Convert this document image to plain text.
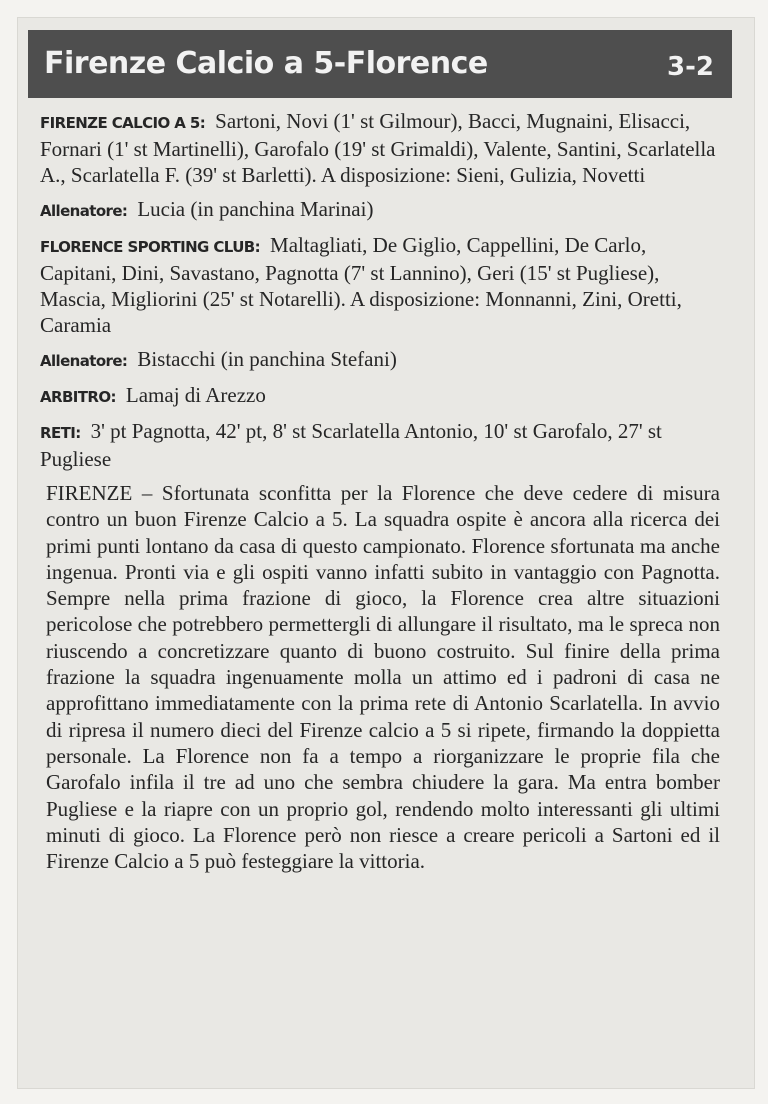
Firenze Calcio a 5-Florence	3-2
FIRENZE CALCIO A 5: Sartoni, Novi (1' st Gilmour), Bacci, Mugnaini, Elisacci, Fornari (1' st Martinelli), Garofalo (19' st Grimaldi), Valente, Santini, Scarlatella A., Scarlatella F. (39' st Barletti). A disposizione: Sieni, Gulizia, Novetti
Allenatore: Lucia (in panchina Marinai)
FLORENCE SPORTING CLUB: Maltagliati, De Giglio, Cappellini, De Carlo, Capitani, Dini, Savastano, Pagnotta (7' st Lannino), Geri (15' st Pugliese), Mascia, Migliorini (25' st Notarelli). A disposizione: Monnanni, Zini, Oretti, Caramia
Allenatore: Bistacchi (in panchina Stefani)
ARBITRO: Lamaj di Arezzo
RETI: 3' pt Pagnotta, 42' pt, 8' st Scarlatella Antonio, 10' st Garofalo, 27' st Pugliese
FIRENZE – Sfortunata sconfitta per la Florence che deve cedere di misura contro un buon Firenze Calcio a 5. La squadra ospite è ancora alla ricerca dei primi punti lontano da casa di questo campionato. Florence sfortunata ma anche ingenua. Pronti via e gli ospiti vanno infatti subito in vantaggio con Pagnotta. Sempre nella prima frazione di gioco, la Florence crea altre situazioni pericolose che potrebbero permettergli di allungare il risultato, ma le spreca non riuscendo a concretizzare quanto di buono costruito. Sul finire della prima frazione la squadra ingenuamente molla un attimo ed i padroni di casa ne approfittano immediatamente con la prima rete di Antonio Scarlatella. In avvio di ripresa il numero dieci del Firenze calcio a 5 si ripete, firmando la doppietta personale. La Florence non fa a tempo a riorganizzare le proprie fila che Garofalo infila il tre ad uno che sembra chiudere la gara. Ma entra bomber Pugliese e la riapre con un proprio gol, rendendo molto interessanti gli ultimi minuti di gioco. La Florence però non riesce a creare pericoli a Sartoni ed il Firenze Calcio a 5 può festeggiare la vittoria.
